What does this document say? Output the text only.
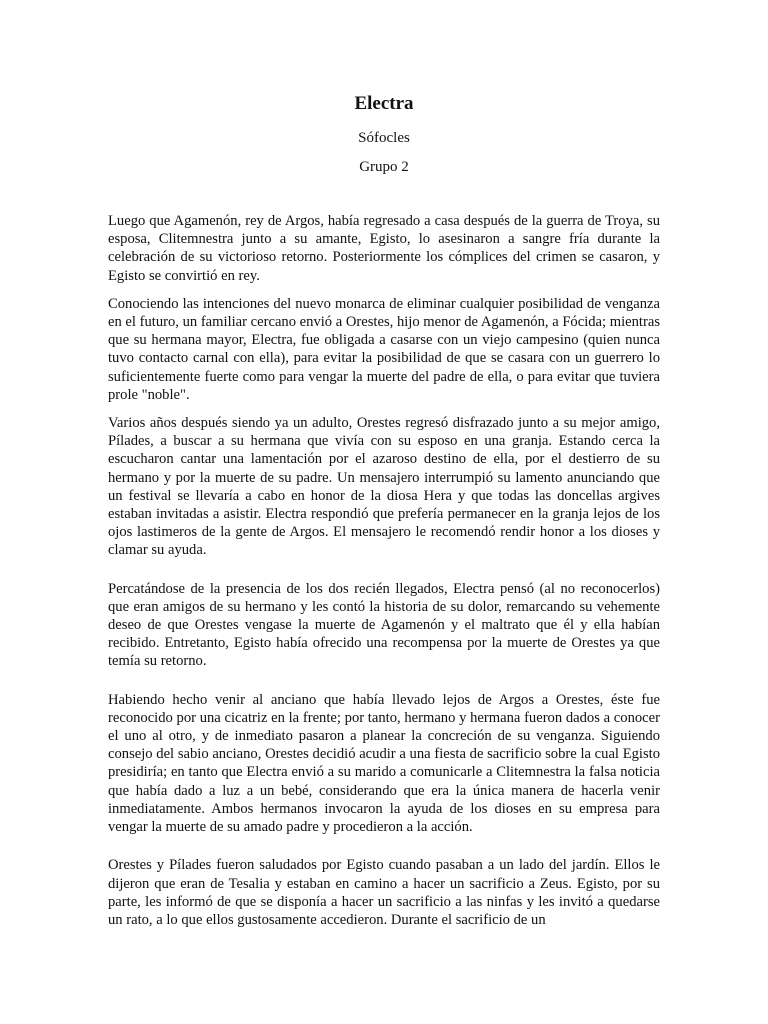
Electra

Sófocles

Grupo 2

Luego que Agamenón, rey de Argos, había regresado a casa después de la guerra de Troya, su esposa, Clitemnestra junto a su amante, Egisto, lo asesinaron a sangre fría durante la celebración de su victorioso retorno. Posteriormente los cómplices del crimen se casaron, y Egisto se convirtió en rey.

Conociendo las intenciones del nuevo monarca de eliminar cualquier posibilidad de venganza en el futuro, un familiar cercano envió a Orestes, hijo menor de Agamenón, a Fócida; mientras que su hermana mayor, Electra, fue obligada a casarse con un viejo campesino (quien nunca tuvo contacto carnal con ella), para evitar la posibilidad de que se casara con un guerrero lo suficientemente fuerte como para vengar la muerte del padre de ella, o para evitar que tuviera prole "noble".

Varios años después siendo ya un adulto, Orestes regresó disfrazado junto a su mejor amigo, Pílades, a buscar a su hermana que vivía con su esposo en una granja. Estando cerca la escucharon cantar una lamentación por el azaroso destino de ella, por el destierro de su hermano y por la muerte de su padre. Un mensajero interrumpió su lamento anunciando que un festival se llevaría a cabo en honor de la diosa Hera y que todas las doncellas argives estaban invitadas a asistir. Electra respondió que prefería permanecer en la granja lejos de los ojos lastimeros de la gente de Argos. El mensajero le recomendó rendir honor a los dioses y clamar su ayuda.

Percatándose de la presencia de los dos recién llegados, Electra pensó (al no reconocerlos) que eran amigos de su hermano y les contó la historia de su dolor, remarcando su vehemente deseo de que Orestes vengase la muerte de Agamenón y el maltrato que él y ella habían recibido. Entretanto, Egisto había ofrecido una recompensa por la muerte de Orestes ya que temía su retorno.

Habiendo hecho venir al anciano que había llevado lejos de Argos a Orestes, éste fue reconocido por una cicatriz en la frente; por tanto, hermano y hermana fueron dados a conocer el uno al otro, y de inmediato pasaron a planear la concreción de su venganza. Siguiendo consejo del sabio anciano, Orestes decidió acudir a una fiesta de sacrificio sobre la cual Egisto presidiría; en tanto que Electra envió a su marido a comunicarle a Clitemnestra la falsa noticia que había dado a luz a un bebé, considerando que era la única manera de hacerla venir inmediatamente. Ambos hermanos invocaron la ayuda de los dioses en su empresa para vengar la muerte de su amado padre y procedieron a la acción.

Orestes y Pílades fueron saludados por Egisto cuando pasaban a un lado del jardín. Ellos le dijeron que eran de Tesalia y estaban en camino a hacer un sacrificio a Zeus. Egisto, por su parte, les informó de que se disponía a hacer un sacrificio a las ninfas y les invitó a quedarse un rato, a lo que ellos gustosamente accedieron. Durante el sacrificio de un
